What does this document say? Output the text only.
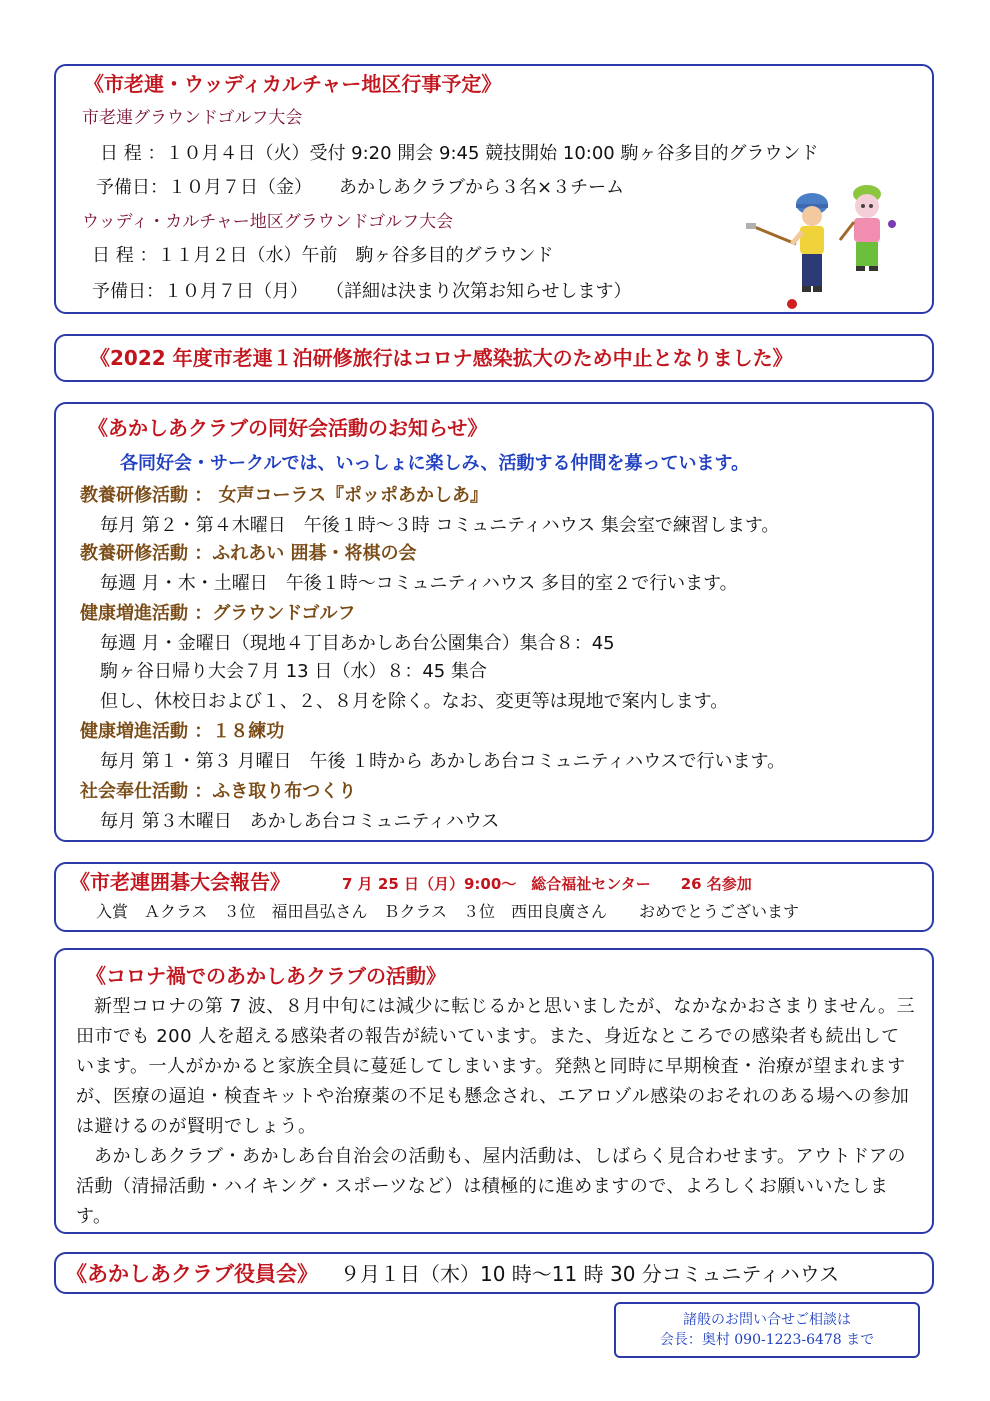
《市老連・ウッディカルチャー地区行事予定》
市老連グラウンドゴルフ大会
日 程 ：１０月４日（火）受付 9:20 開会 9:45 競技開始 10:00 駒ヶ谷多目的グラウンド
予備日：１０月７日（金）　　あかしあクラブから３名×３チーム
ウッディ・カルチャー地区グラウンドゴルフ大会
日 程 ：１１月２日（水）午前　駒ヶ谷多目的グラウンド
予備日：１０月７日（月）　　（詳細は決まり次第お知らせします）
《2022 年度市老連１泊研修旅行はコロナ感染拡大のため中止となりました》
《あかしあクラブの同好会活動のお知らせ》
各同好会・サークルでは、いっしょに楽しみ、活動する仲間を募っています。
教養研修活動 ： 女声コーラス『ポッポあかしあ』
毎月 第２・第４木曜日　午後１時～３時 コミュニティハウス 集会室で練習します。
教養研修活動 ：ふれあい 囲碁・将棋の会
毎週 月・木・土曜日　午後１時～コミュニティハウス 多目的室２で行います。
健康増進活動 ：グラウンドゴルフ
毎週 月・金曜日（現地４丁目あかしあ台公園集合）集合８：45
駒ヶ谷日帰り大会７月 13 日（水）８：45 集合
但し、休校日および１、２、８月を除く。なお、変更等は現地で案内します。
健康増進活動 ：１８練功
毎月 第１・第３ 月曜日　午後 １時から あかしあ台コミュニティハウスで行います。
社会奉仕活動 ：ふき取り布つくり
毎月 第３木曜日　あかしあ台コミュニティハウス
《市老連囲碁大会報告》	7 月 25 日（月）9:00～　総合福祉センター　　26 名参加
入賞　Ａクラス　３位　福田昌弘さん　Ｂクラス　３位　西田良廣さん　　おめでとうございます
《コロナ禍でのあかしあクラブの活動》
新型コロナの第 7 波、８月中旬には減少に転じるかと思いましたが、なかなかおさまりません。三田市でも 200 人を超える感染者の報告が続いています。また、身近なところでの感染者も続出しています。一人がかかると家族全員に蔓延してしまいます。発熱と同時に早期検査・治療が望まれますが、医療の逼迫・検査キットや治療薬の不足も懸念され、エアロゾル感染のおそれのある場への参加は避けるのが賢明でしょう。
あかしあクラブ・あかしあ台自治会の活動も、屋内活動は、しばらく見合わせます。アウトドアの活動（清掃活動・ハイキング・スポーツなど）は積極的に進めますので、よろしくお願いいたします。
《あかしあクラブ役員会》 ９月１日（木）10 時～11 時 30 分コミュニティハウス
諸般のお問い合せご相談は
会長：奥村 090-1223-6478 まで
